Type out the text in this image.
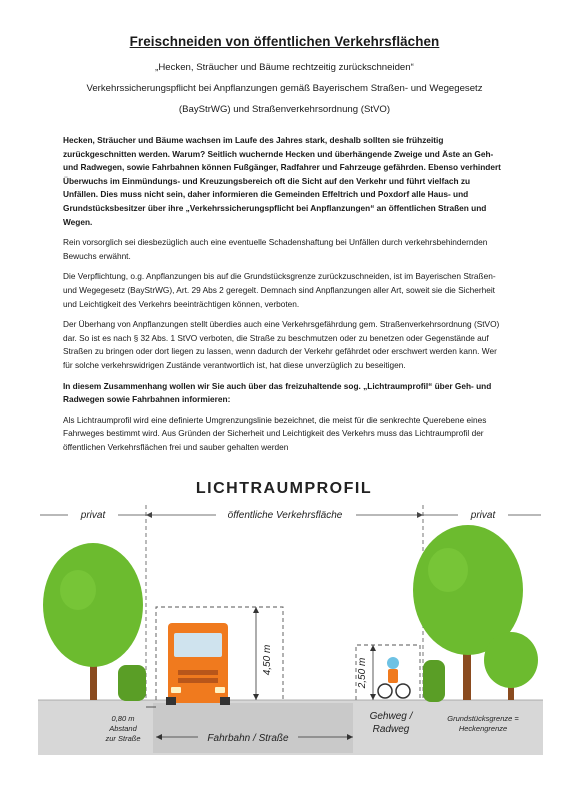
Freischneiden von öffentlichen Verkehrsflächen
„Hecken, Sträucher und Bäume rechtzeitig zurückschneiden“
Verkehrssicherungspflicht bei Anpflanzungen gemäß Bayerischem Straßen- und Wegegesetz
(BayStrWG) und Straßenverkehrsordnung (StVO)

Hecken, Sträucher und Bäume wachsen im Laufe des Jahres stark, deshalb sollten sie frühzeitig zurückgeschnitten werden. Warum? Seitlich wuchernde Hecken und überhängende Zweige und Äste an Geh- und Radwegen, sowie Fahrbahnen können Fußgänger, Radfahrer und Fahrzeuge gefährden. Ebenso verhindert Überwuchs im Einmündungs- und Kreuzungsbereich oft die Sicht auf den Verkehr und führt vielfach zu Unfällen. Dies muss nicht sein, daher informieren die Gemeinden Effeltrich und Poxdorf alle Haus- und Grundstücksbesitzer über ihre „Verkehrssicherungspflicht bei Anpflanzungen“ an öffentlichen Straßen und Wegen.

Rein vorsorglich sei diesbezüglich auch eine eventuelle Schadenshaftung bei Unfällen durch verkehrsbehindernden Bewuchs erwähnt.

Die Verpflichtung, o.g. Anpflanzungen bis auf die Grundstücksgrenze zurückzuschneiden, ist im Bayerischen Straßen- und Wegegesetz (BayStrWG), Art. 29 Abs 2 geregelt. Demnach sind Anpflanzungen aller Art, soweit sie die Sicherheit und Leichtigkeit des Verkehrs beeinträchtigen können, verboten.

Der Überhang von Anpflanzungen stellt überdies auch eine Verkehrsgefährdung gem. Straßenverkehrsordnung (StVO) dar. So ist es nach § 32 Abs. 1 StVO verboten, die Straße zu beschmutzen oder zu benetzen oder Gegenstände auf Straßen zu bringen oder dort liegen zu lassen, wenn dadurch der Verkehr gefährdet oder erschwert werden kann. Wer für solche verkehrswidrigen Zustände verantwortlich ist, hat diese unverzüglich zu beseitigen.

In diesem Zusammenhang wollen wir Sie auch über das freizuhaltende sog. „Lichtraumprofil“ über Geh- und Radwegen sowie Fahrbahnen informieren:

Als Lichtraumprofil wird eine definierte Umgrenzungslinie bezeichnet, die meist für die senkrechte Querebene eines Fahrweges bestimmt wird. Aus Gründen der Sicherheit und Leichtigkeit des Verkehrs muss das Lichtraumprofil der öffentlichen Verkehrsflächen frei und sauber gehalten werden

LICHTRAUMPROFIL
privat	öffentliche Verkehrsfläche	privat
4,50 m	2,50 m
0,80 m
Abstand
zur Straße	Fahrbahn / Straße
Gehweg /
Radweg
Grundstücksgrenze =
Heckengrenze
